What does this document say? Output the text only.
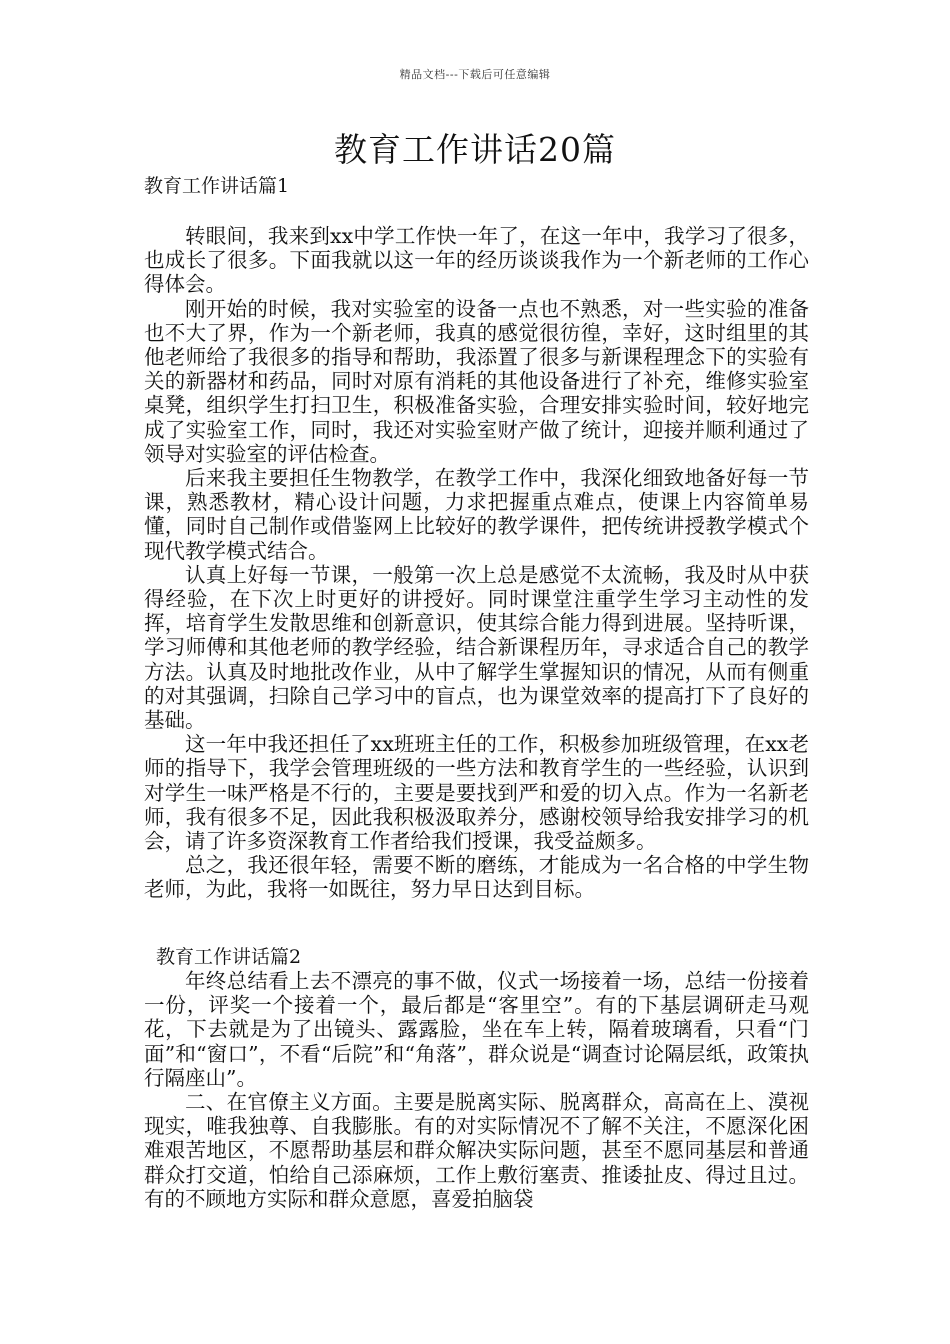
精品文档---下载后可任意编辑
教育工作讲话20篇
教育工作讲话篇1

转眼间，我来到xx中学工作快一年了，在这一年中，我学习了很多，也成长了很多。下面我就以这一年的经历谈谈我作为一个新老师的工作心得体会。

刚开始的时候，我对实验室的设备一点也不熟悉，对一些实验的准备也不大了界，作为一个新老师，我真的感觉很彷徨，幸好，这时组里的其他老师给了我很多的指导和帮助，我添置了很多与新课程理念下的实验有关的新器材和药品，同时对原有消耗的其他设备进行了补充，维修实验室桌凳，组织学生打扫卫生，积极准备实验，合理安排实验时间，较好地完成了实验室工作，同时，我还对实验室财产做了统计，迎接并顺利通过了领导对实验室的评估检查。

后来我主要担任生物教学，在教学工作中，我深化细致地备好每一节课，熟悉教材，精心设计问题，力求把握重点难点，使课上内容简单易懂，同时自己制作或借鉴网上比较好的教学课件，把传统讲授教学模式个现代教学模式结合。

认真上好每一节课，一般第一次上总是感觉不太流畅，我及时从中获得经验，在下次上时更好的讲授好。同时课堂注重学生学习主动性的发挥，培育学生发散思维和创新意识，使其综合能力得到进展。坚持听课，学习师傅和其他老师的教学经验，结合新课程历年，寻求适合自己的教学方法。认真及时地批改作业，从中了解学生掌握知识的情况，从而有侧重的对其强调，扫除自己学习中的盲点，也为课堂效率的提高打下了良好的基础。

这一年中我还担任了xx班班主任的工作，积极参加班级管理，在xx老师的指导下，我学会管理班级的一些方法和教育学生的一些经验，认识到对学生一味严格是不行的，主要是要找到严和爱的切入点。作为一名新老师，我有很多不足，因此我积极汲取养分，感谢校领导给我安排学习的机会，请了许多资深教育工作者给我们授课，我受益颇多。

总之，我还很年轻，需要不断的磨练，才能成为一名合格的中学生物老师，为此，我将一如既往，努力早日达到目标。

教育工作讲话篇2

年终总结看上去不漂亮的事不做，仪式一场接着一场，总结一份接着一份，评奖一个接着一个，最后都是“客里空”。有的下基层调研走马观花，下去就是为了出镜头、露露脸，坐在车上转，隔着玻璃看，只看“门面”和“窗口”，不看“后院”和“角落”，群众说是“调查讨论隔层纸，政策执行隔座山”。

二、在官僚主义方面。主要是脱离实际、脱离群众，高高在上、漠视现实，唯我独尊、自我膨胀。有的对实际情况不了解不关注，不愿深化困难艰苦地区，不愿帮助基层和群众解决实际问题，甚至不愿同基层和普通群众打交道，怕给自己添麻烦，工作上敷衍塞责、推诿扯皮、得过且过。有的不顾地方实际和群众意愿，喜爱拍脑袋
